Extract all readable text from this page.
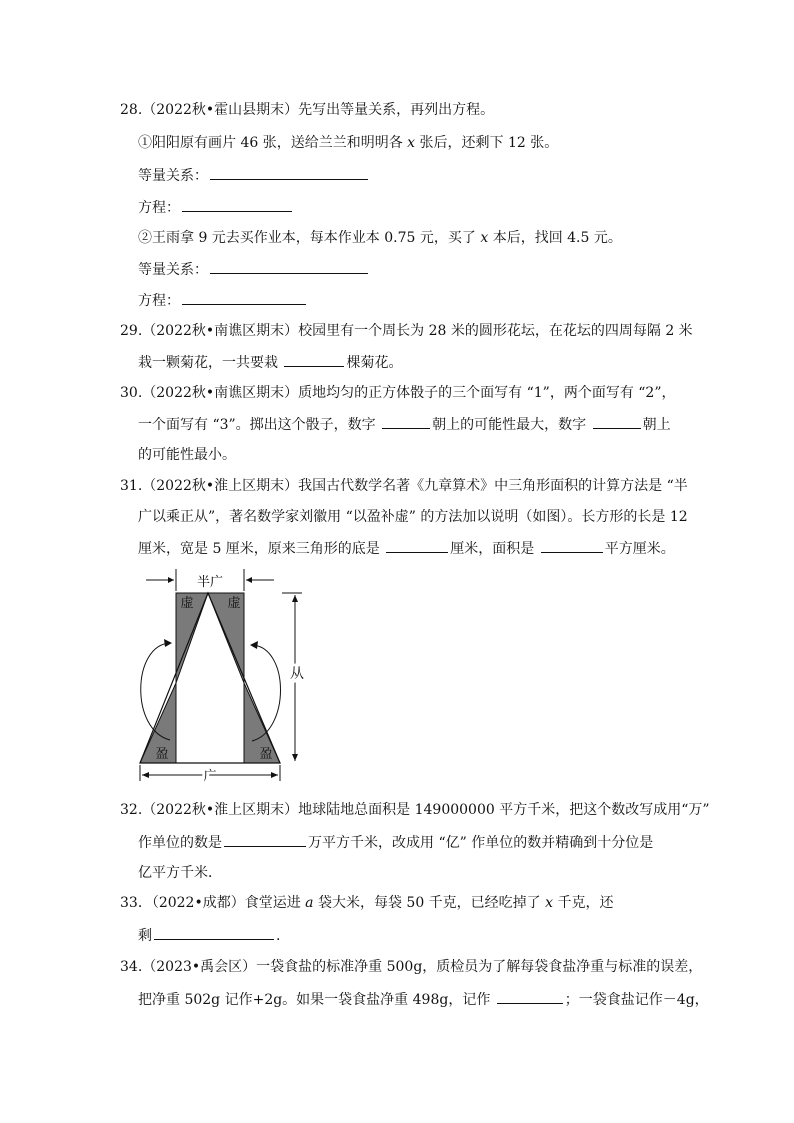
28.（2022秋•霍山县期末）先写出等量关系，再列出方程。
①阳阳原有画片 46 张，送给兰兰和明明各 x 张后，还剩下 12 张。
等量关系：
方程：
②王雨拿 9 元去买作业本，每本作业本 0.75 元，买了 x 本后，找回 4.5 元。
等量关系：
方程：
29.（2022秋•南谯区期末）校园里有一个周长为 28 米的圆形花坛，在花坛的四周每隔 2 米
栽一颗菊花，一共要栽	棵菊花。
30.（2022秋•南谯区期末）质地均匀的正方体骰子的三个面写有 “1”，两个面写有 “2”，
一个面写有 “3”。掷出这个骰子，数字	朝上的可能性最大，数字	朝上
的可能性最小。
31.（2022秋•淮上区期末）我国古代数学名著《九章算术》中三角形面积的计算方法是 “半
广以乘正从”，著名数学家刘徽用 “以盈补虚” 的方法加以说明（如图）。长方形的长是 12
厘米，宽是 5 厘米，原来三角形的底是	厘米，面积是	平方厘米。
半广
虚	虚
盈	盈
从
广
32.（2022秋•淮上区期末）地球陆地总面积是 149000000 平方千米，把这个数改写成用“万”
作单位的数是	万平方千米，改成用 “亿” 作单位的数并精确到十分位是
亿平方千米．
33．（2022•成都）食堂运进 a 袋大米，每袋 50 千克，已经吃掉了 x 千克，还
剩	.
34.（2023•禹会区）一袋食盐的标准净重 500g，质检员为了解每袋食盐净重与标准的误差，
把净重 502g 记作+2g。如果一袋食盐净重 498g，记作	；一袋食盐记作－4g，
